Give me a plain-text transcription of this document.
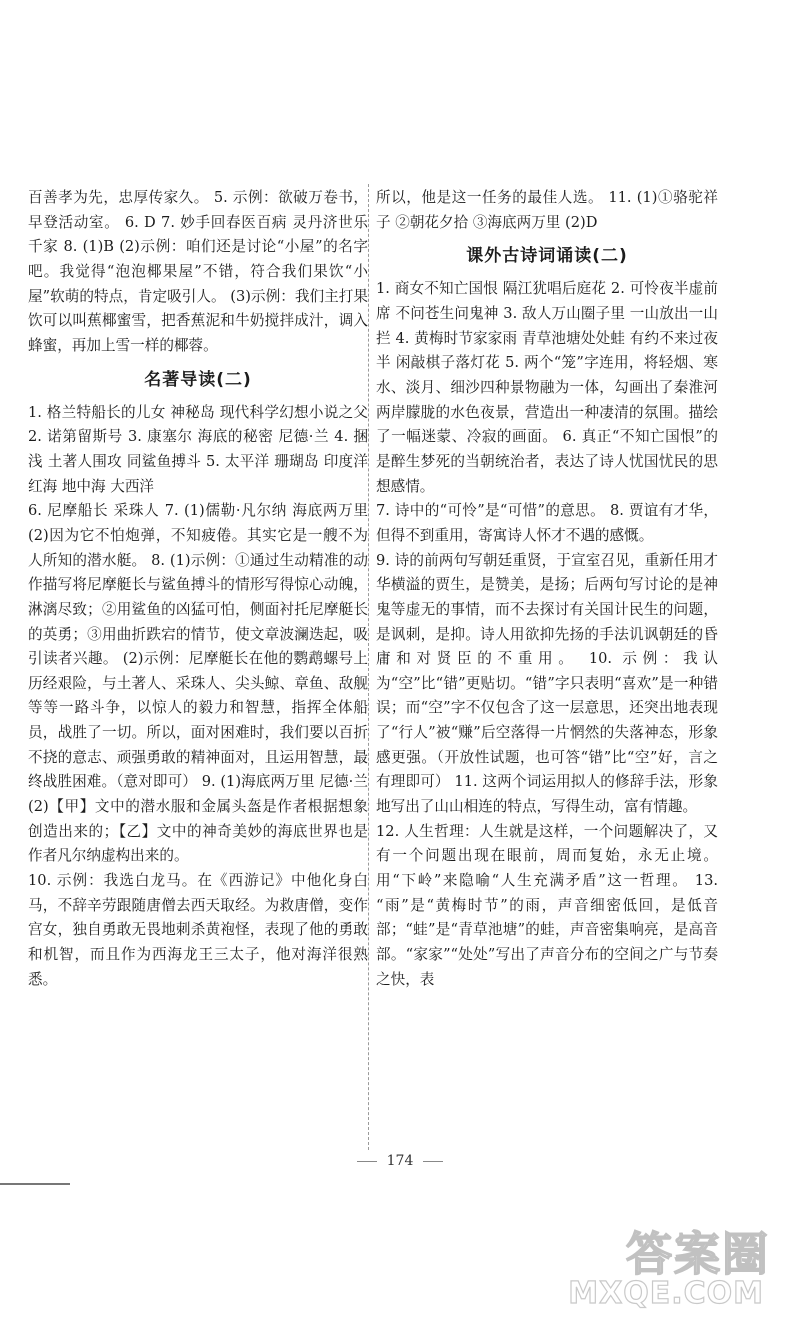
百善孝为先，忠厚传家久。 5. 示例：欲破万卷书，早登活动室。 6. D 7. 妙手回春医百病 灵丹济世乐千家 8. (1)B (2)示例：咱们还是讨论“小屋”的名字吧。我觉得“泡泡椰果屋”不错，符合我们果饮“小屋”软萌的特点，肯定吸引人。 (3)示例：我们主打果饮可以叫蕉椰蜜雪，把香蕉泥和牛奶搅拌成汁，调入蜂蜜，再加上雪一样的椰蓉。

名著导读(二)

1. 格兰特船长的儿女 神秘岛 现代科学幻想小说之父 2. 诺第留斯号 3. 康塞尔 海底的秘密 尼德·兰 4. 捆浅 土著人围攻 同鲨鱼搏斗 5. 太平洋 珊瑚岛 印度洋 红海 地中海 大西洋

6. 尼摩船长 采珠人 7. (1)儒勒·凡尔纳 海底两万里 (2)因为它不怕炮弹，不知疲倦。其实它是一艘不为人所知的潜水艇。 8. (1)示例：①通过生动精准的动作描写将尼摩艇长与鲨鱼搏斗的情形写得惊心动魄，淋漓尽致；②用鲨鱼的凶猛可怕，侧面衬托尼摩艇长的英勇；③用曲折跌宕的情节，使文章波澜迭起，吸引读者兴趣。 (2)示例：尼摩艇长在他的鹦鹉螺号上历经艰险，与土著人、采珠人、尖头鲸、章鱼、敌舰等等一路斗争，以惊人的毅力和智慧，指挥全体船员，战胜了一切。所以，面对困难时，我们要以百折不挠的意志、顽强勇敢的精神面对，且运用智慧，最终战胜困难。（意对即可） 9. (1)海底两万里 尼德·兰 (2)【甲】文中的潜水服和金属头盔是作者根据想象创造出来的；【乙】文中的神奇美妙的海底世界也是作者凡尔纳虚构出来的。

10. 示例：我选白龙马。在《西游记》中他化身白马，不辞辛劳跟随唐僧去西天取经。为救唐僧，变作宫女，独自勇敢无畏地刺杀黄袍怪，表现了他的勇敢和机智，而且作为西海龙王三太子，他对海洋很熟悉。

所以，他是这一任务的最佳人选。 11. (1)①骆驼祥子 ②朝花夕拾 ③海底两万里 (2)D

课外古诗词诵读(二)

1. 商女不知亡国恨 隔江犹唱后庭花 2. 可怜夜半虚前席 不问苍生问鬼神 3. 敌人万山圈子里 一山放出一山拦 4. 黄梅时节家家雨 青草池塘处处蛙 有约不来过夜半 闲敲棋子落灯花 5. 两个“笼”字连用，将轻烟、寒水、淡月、细沙四种景物融为一体，勾画出了秦淮河两岸朦胧的水色夜景，营造出一种凄清的氛围。描绘了一幅迷蒙、冷寂的画面。 6. 真正“不知亡国恨”的是醉生梦死的当朝统治者，表达了诗人忧国忧民的思想感情。

7. 诗中的“可怜”是“可惜”的意思。 8. 贾谊有才华，但得不到重用，寄寓诗人怀才不遇的感慨。

9. 诗的前两句写朝廷重贤，于宣室召见，重新任用才华横溢的贾生，是赞美，是扬；后两句写讨论的是神鬼等虚无的事情，而不去探讨有关国计民生的问题，是讽刺，是抑。诗人用欲抑先扬的手法讥讽朝廷的昏庸和对贤臣的不重用。 10. 示例：我认为“空”比“错”更贴切。“错”字只表明“喜欢”是一种错误；而“空”字不仅包含了这一层意思，还突出地表现了“行人”被“赚”后空落得一片惘然的失落神态，形象感更强。（开放性试题，也可答“错”比“空”好，言之有理即可） 11. 这两个词运用拟人的修辞手法，形象地写出了山山相连的特点，写得生动，富有情趣。

12. 人生哲理：人生就是这样，一个问题解决了，又有一个问题出现在眼前，周而复始，永无止境。用“下岭”来隐喻“人生充满矛盾”这一哲理。 13. “雨”是“黄梅时节”的雨，声音细密低回，是低音部；“蛙”是“青草池塘”的蛙，声音密集响亮，是高音部。“家家”“处处”写出了声音分布的空间之广与节奏之快，表

174
答案圈
MXQE.COM
